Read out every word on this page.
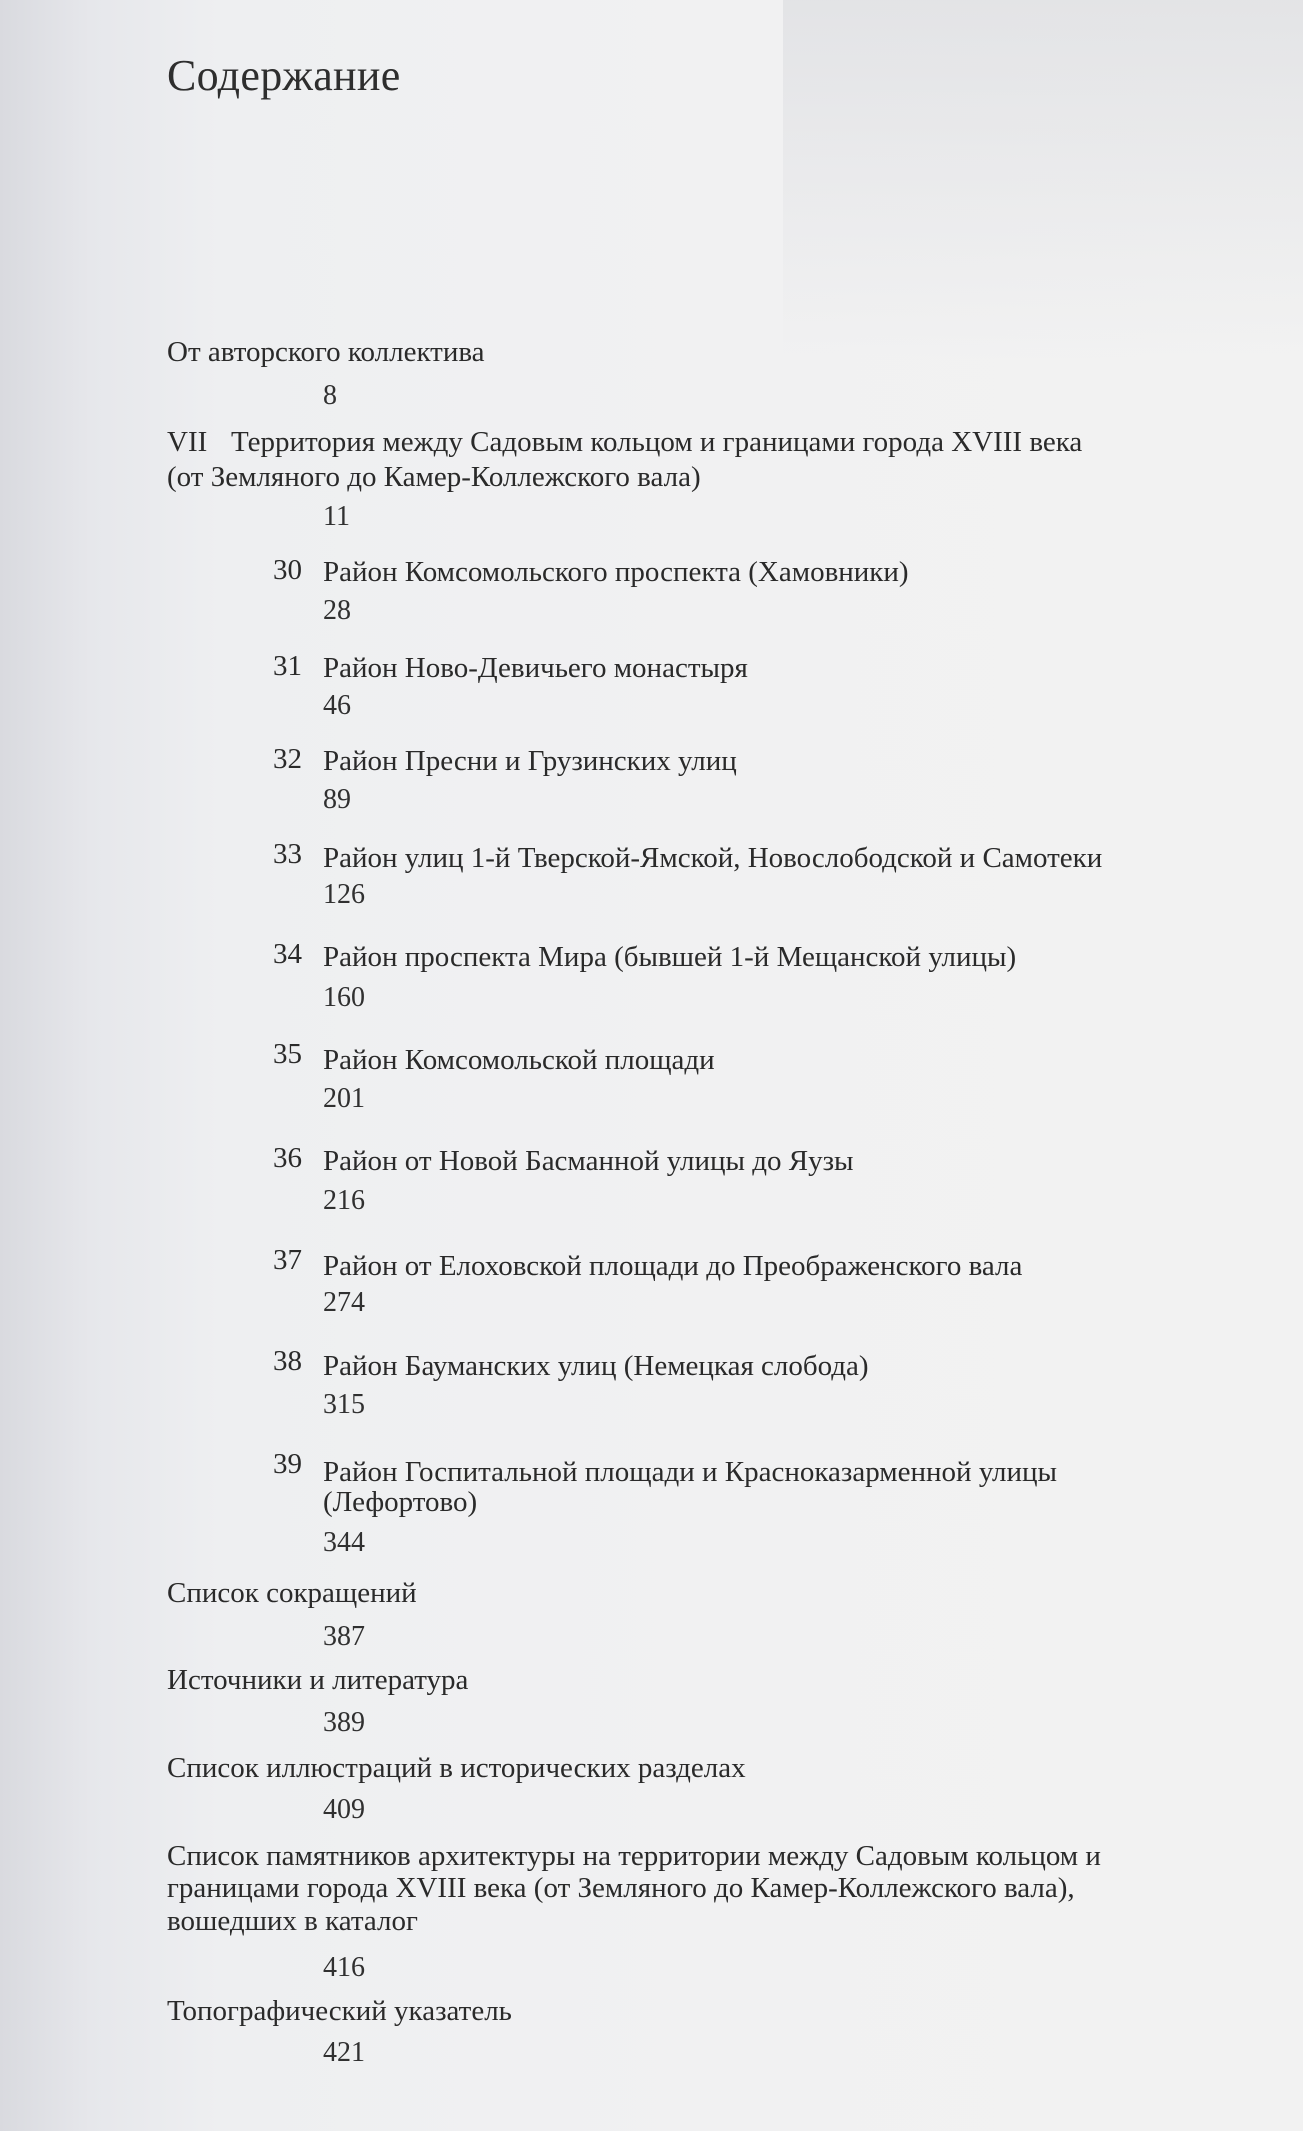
Содержание
От авторского коллектива
8
VII Территория между Садовым кольцом и границами города XVIII века
(от Земляного до Камер-Коллежского вала)
11
30 Район Комсомольского проспекта (Хамовники)
28
31 Район Ново-Девичьего монастыря
46
32 Район Пресни и Грузинских улиц
89
33 Район улиц 1-й Тверской-Ямской, Новослободской и Самотеки
126
34 Район проспекта Мира (бывшей 1-й Мещанской улицы)
160
35 Район Комсомольской площади
201
36 Район от Новой Басманной улицы до Яузы
216
37 Район от Елоховской площади до Преображенского вала
274
38 Район Бауманских улиц (Немецкая слобода)
315
39 Район Госпитальной площади и Красноказарменной улицы
(Лефортово)
344
Список сокращений
387
Источники и литература
389
Список иллюстраций в исторических разделах
409
Список памятников архитектуры на территории между Садовым кольцом и
границами города XVIII века (от Земляного до Камер-Коллежского вала),
вошедших в каталог
416
Топографический указатель
421
